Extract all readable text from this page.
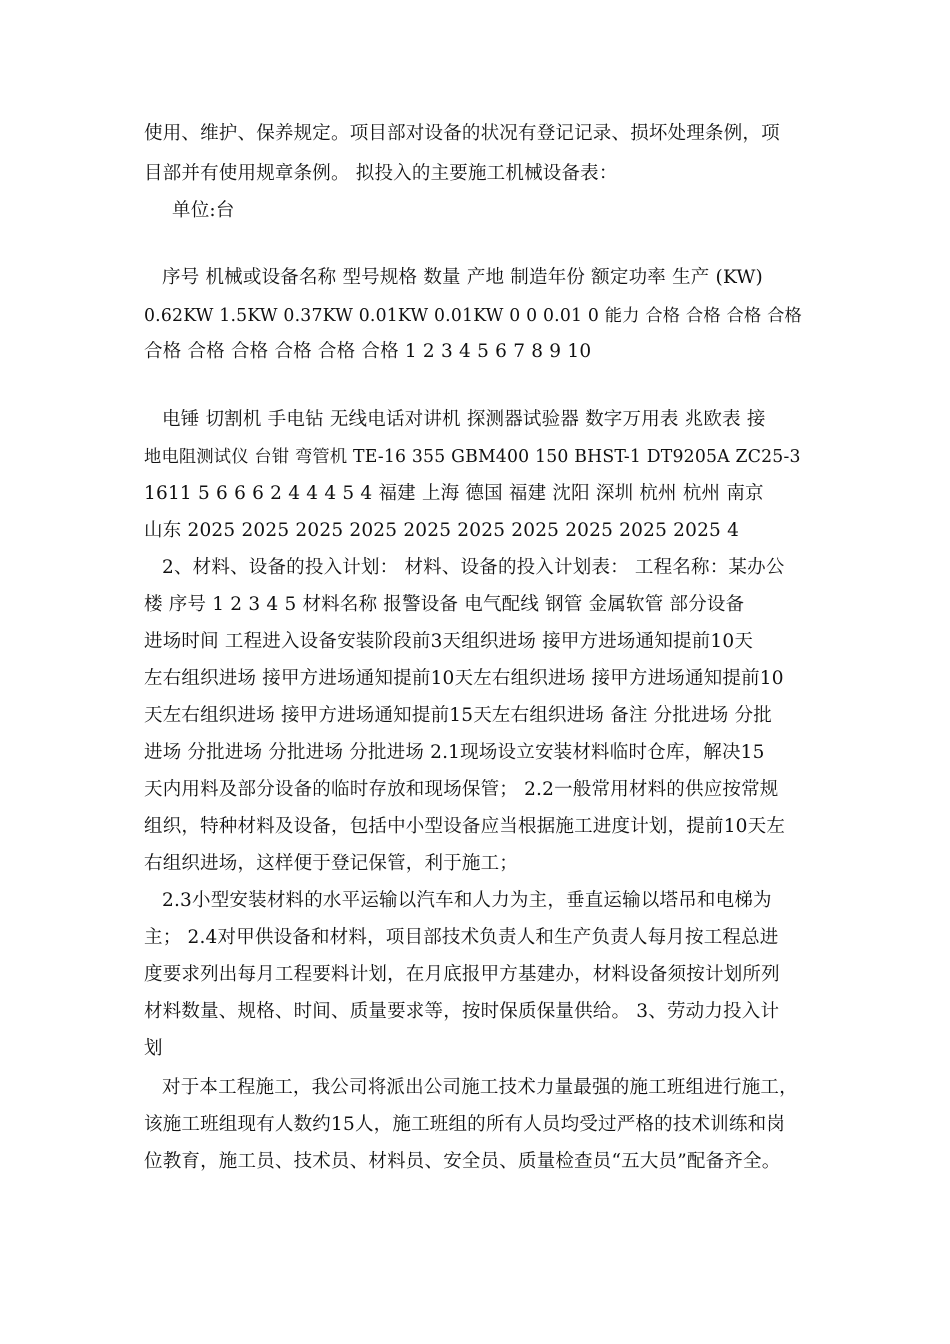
使用、维护、保养规定。项目部对设备的状况有登记记录、损坏处理条例，项
目部并有使用规章条例。 拟投入的主要施工机械设备表：
单位:台
序号 机械或设备名称 型号规格 数量 产地 制造年份 额定功率 生产 (KW)
0.62KW 1.5KW 0.37KW 0.01KW 0.01KW 0 0 0.01 0 能力 合格 合格 合格 合格
合格 合格 合格 合格 合格 合格 1 2 3 4 5 6 7 8 9 10
电锤 切割机 手电钻 无线电话对讲机 探测器试验器 数字万用表 兆欧表 接
地电阻测试仪 台钳 弯管机 TE-16 355 GBM400 150 BHST-1 DT9205A ZC25-3
1611 5 6 6 6 2 4 4 4 5 4 福建 上海 德国 福建 沈阳 深圳 杭州 杭州 南京
山东 2025 2025 2025 2025 2025 2025 2025 2025 2025 2025 4
2、材料、设备的投入计划： 材料、设备的投入计划表： 工程名称：某办公
楼 序号 1 2 3 4 5 材料名称 报警设备 电气配线 钢管 金属软管 部分设备
进场时间 工程进入设备安装阶段前3天组织进场 接甲方进场通知提前10天
左右组织进场 接甲方进场通知提前10天左右组织进场 接甲方进场通知提前10
天左右组织进场 接甲方进场通知提前15天左右组织进场 备注 分批进场 分批
进场 分批进场 分批进场 分批进场 2.1现场设立安装材料临时仓库，解决15
天内用料及部分设备的临时存放和现场保管； 2.2一般常用材料的供应按常规
组织，特种材料及设备，包括中小型设备应当根据施工进度计划，提前10天左
右组织进场，这样便于登记保管，利于施工；
2.3小型安装材料的水平运输以汽车和人力为主，垂直运输以塔吊和电梯为
主； 2.4对甲供设备和材料，项目部技术负责人和生产负责人每月按工程总进
度要求列出每月工程要料计划，在月底报甲方基建办，材料设备须按计划所列
材料数量、规格、时间、质量要求等，按时保质保量供给。 3、劳动力投入计
划
对于本工程施工，我公司将派出公司施工技术力量最强的施工班组进行施工，
该施工班组现有人数约15人，施工班组的所有人员均受过严格的技术训练和岗
位教育，施工员、技术员、材料员、安全员、质量检查员“五大员”配备齐全。
